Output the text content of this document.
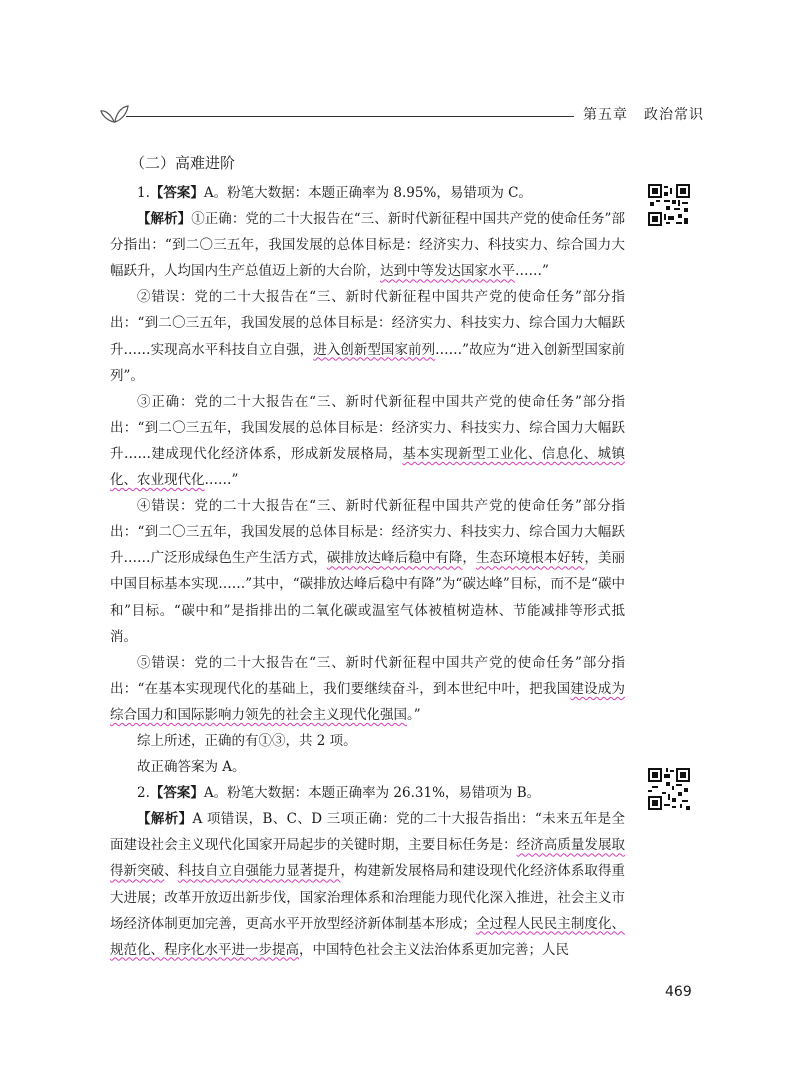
第五章 政治常识
（二）高难进阶

1.【答案】A。粉笔大数据：本题正确率为 8.95%，易错项为 C。

【解析】①正确：党的二十大报告在“三、新时代新征程中国共产党的使命任务”部分指出：“到二〇三五年，我国发展的总体目标是：经济实力、科技实力、综合国力大幅跃升，人均国内生产总值迈上新的大台阶，达到中等发达国家水平……”

②错误：党的二十大报告在“三、新时代新征程中国共产党的使命任务”部分指出：“到二〇三五年，我国发展的总体目标是：经济实力、科技实力、综合国力大幅跃升……实现高水平科技自立自强，进入创新型国家前列……”故应为“进入创新型国家前列”。

③正确：党的二十大报告在“三、新时代新征程中国共产党的使命任务”部分指出：“到二〇三五年，我国发展的总体目标是：经济实力、科技实力、综合国力大幅跃升……建成现代化经济体系，形成新发展格局，基本实现新型工业化、信息化、城镇化、农业现代化……”

④错误：党的二十大报告在“三、新时代新征程中国共产党的使命任务”部分指出：“到二〇三五年，我国发展的总体目标是：经济实力、科技实力、综合国力大幅跃升……广泛形成绿色生产生活方式，碳排放达峰后稳中有降，生态环境根本好转，美丽中国目标基本实现……”其中，“碳排放达峰后稳中有降”为“碳达峰”目标，而不是“碳中和”目标。“碳中和”是指排出的二氧化碳或温室气体被植树造林、节能减排等形式抵消。

⑤错误：党的二十大报告在“三、新时代新征程中国共产党的使命任务”部分指出：“在基本实现现代化的基础上，我们要继续奋斗，到本世纪中叶，把我国建设成为综合国力和国际影响力领先的社会主义现代化强国。”

综上所述，正确的有①③，共 2 项。

故正确答案为 A。

2.【答案】A。粉笔大数据：本题正确率为 26.31%，易错项为 B。

【解析】A 项错误，B、C、D 三项正确：党的二十大报告指出：“未来五年是全面建设社会主义现代化国家开局起步的关键时期，主要目标任务是：经济高质量发展取得新突破、科技自立自强能力显著提升，构建新发展格局和建设现代化经济体系取得重大进展；改革开放迈出新步伐，国家治理体系和治理能力现代化深入推进，社会主义市场经济体制更加完善，更高水平开放型经济新体制基本形成；全过程人民民主制度化、规范化、程序化水平进一步提高，中国特色社会主义法治体系更加完善；人民

469
